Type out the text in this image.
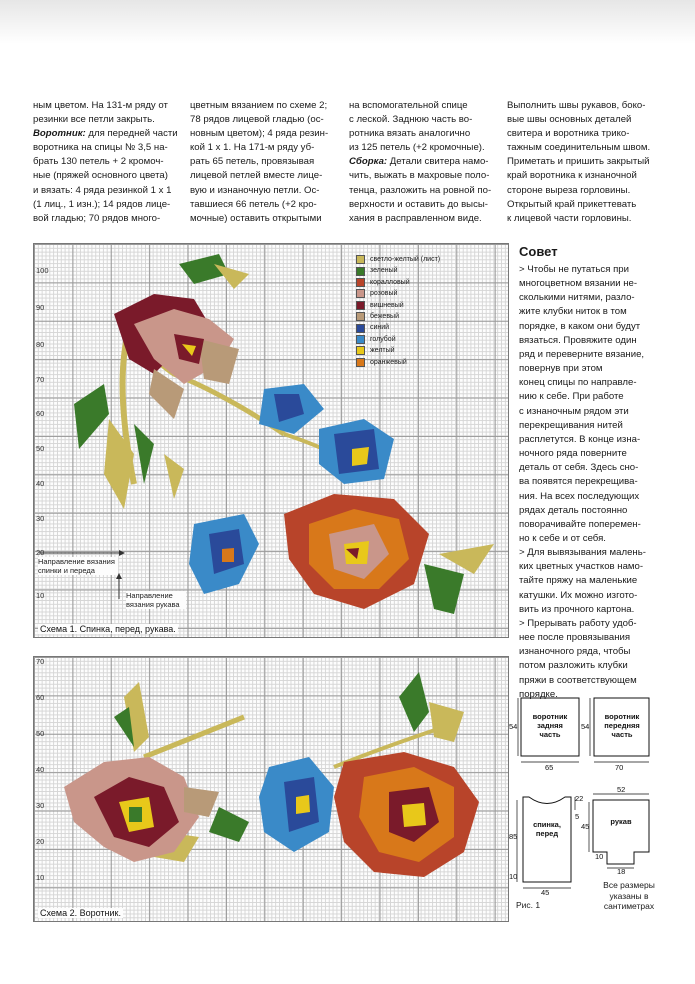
ным цветом. На 131-м ряду от

резинки все петли закрыть.

Воротник: для передней части

воротника на спицы № 3,5 на-

брать 130 петель + 2 кромоч-

ные (пряжей основного цвета)

и вязать: 4 ряда резинкой 1 х 1

(1 лиц., 1 изн.); 14 рядов лице-

вой гладью; 70 рядов много-

цветным вязанием по схеме 2;

78 рядов лицевой гладью (ос-

новным цветом); 4 ряда резин-

кой 1 х 1. На 171-м ряду уб-

рать 65 петель, провязывая

лицевой петлей вместе лице-

вую и изнаночную петли. Ос-

тавшиеся 66 петель (+2 кро-

мочные) оставить открытыми

на вспомогательной спице

с леской. Заднюю часть во-

ротника вязать аналогично

из 125 петель (+2 кромочные).

Сборка: Детали свитера намо-

чить, выжать в махровые поло-

тенца, разложить на ровной по-

верхности и оставить до высы-

хания в расправленном виде.

Выполнить швы рукавов, боко-

вые швы основных деталей

свитера и воротника трико-

тажным соединительным швом.

Приметать и пришить закрытый

край воротника к изнаночной

стороне выреза горловины.

Открытый край прикеттевать

к лицевой части горловины.

100
90
80
70
60
50
40
30
20
10
Направление вязания спинки и переда
Направление вязания рукава
Схема 1. Спинка, перед, рукава.
светло-желтый (лист)
зеленый
коралловый
розовый
вишневый
бежевый
синий
голубой
желтый
оранжевый
70
60
50
40
30
20
10
Схема 2. Воротник.
Совет

> Чтобы не путаться при

многоцветном вязании не-

сколькими нитями, разло-

жите клубки ниток в том

порядке, в каком они будут

вязаться. Провяжите один

ряд и переверните вязание,

повернув при этом

конец спицы по направле-

нию к себе. При работе

с изнаночным рядом эти

перекрещивания нитей

расплетутся. В конце изна-

ночного ряда поверните

деталь от себя. Здесь сно-

ва появятся перекрещива-

ния. На всех последующих

рядах деталь постоянно

поворачивайте поперемен-

но к себе и от себя.

> Для вывязывания малень-

ких цветных участков намо-

тайте пряжу на маленькие

катушки. Их можно изгото-

вить из прочного картона.

> Прерывать работу удоб-

нее после провязывания

изнаночного ряда, чтобы

потом разложить клубки

пряжи в соответствующем

порядке.

воротник задняя часть
воротник передняя часть
спинка, перед
рукав
54
65
54
70
85
22
10
45
5
45
52
10
18
Рис. 1
Все размеры указаны в сантиметрах
